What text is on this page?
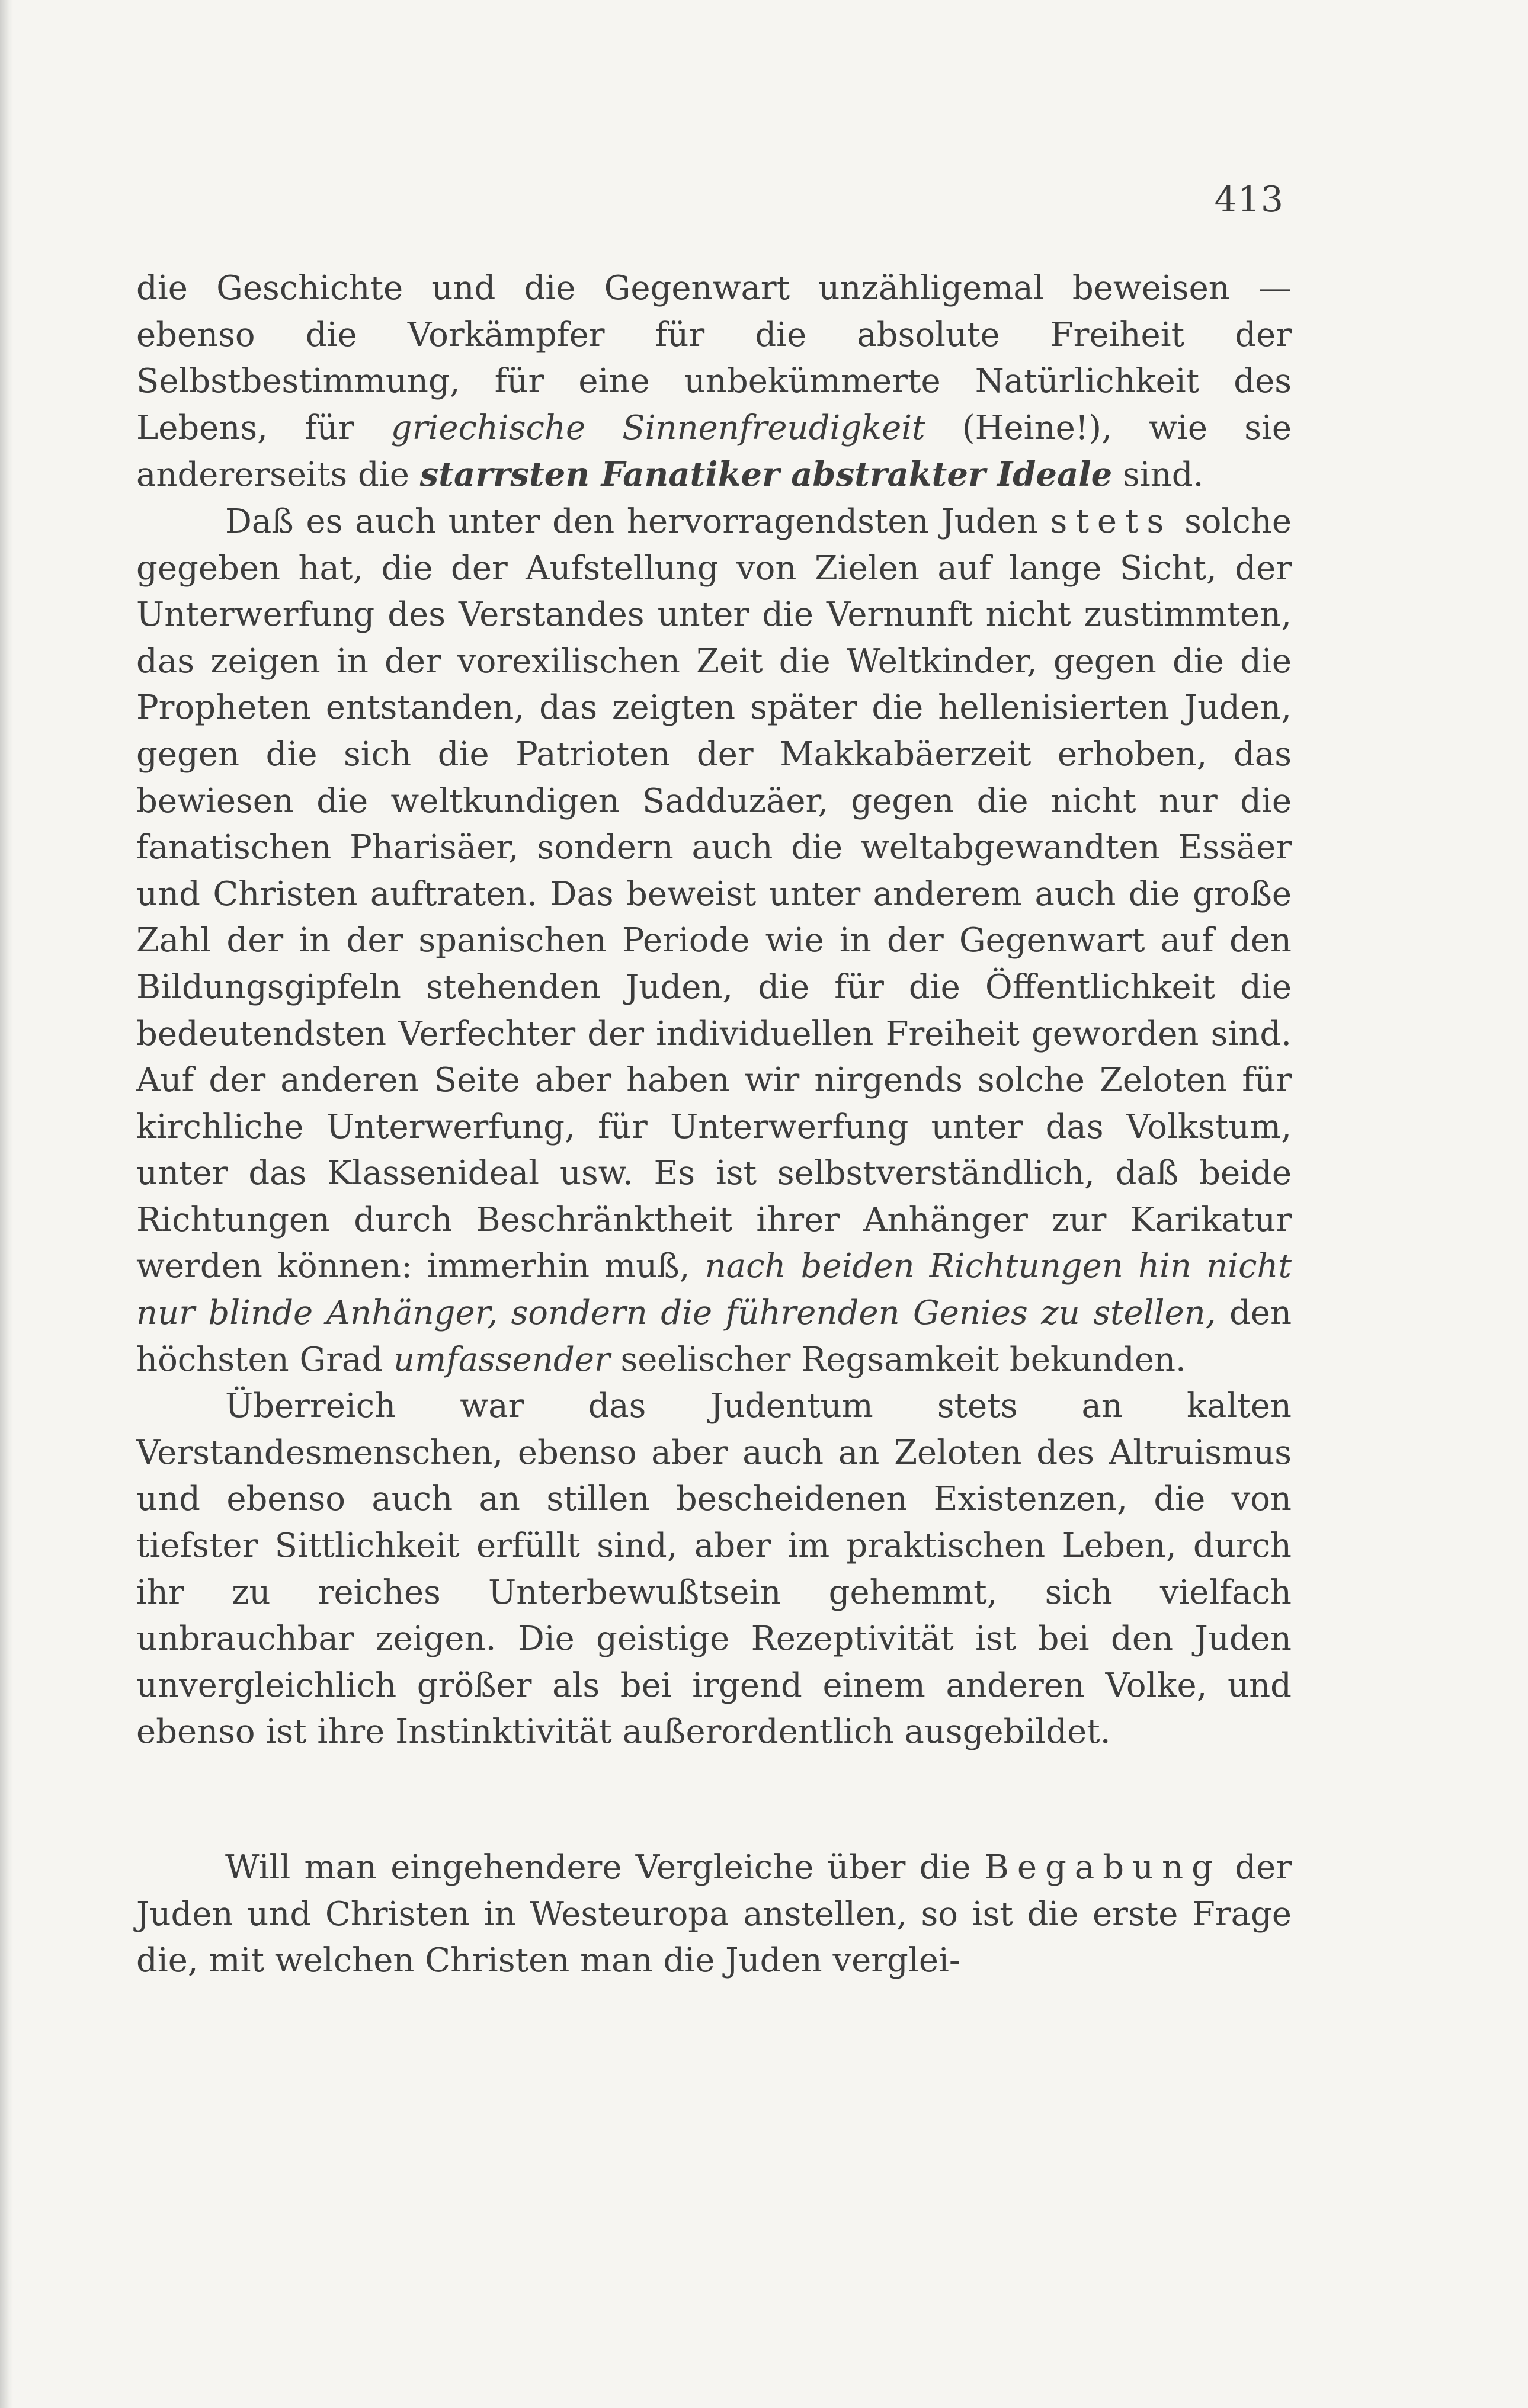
413

die Geschichte und die Gegenwart unzähligemal beweisen — ebenso die Vorkämpfer für die absolute Freiheit der Selbstbestimmung, für eine unbekümmerte Natürlichkeit des Lebens, für griechische Sinnenfreudigkeit (Heine!), wie sie andererseits die starrsten Fanatiker abstrakter Ideale sind.

Daß es auch unter den hervorragendsten Juden stets solche gegeben hat, die der Aufstellung von Zielen auf lange Sicht, der Unterwerfung des Verstandes unter die Vernunft nicht zustimmten, das zeigen in der vorexilischen Zeit die Weltkinder, gegen die die Propheten entstanden, das zeigten später die hellenisierten Juden, gegen die sich die Patrioten der Makkabäerzeit erhoben, das bewiesen die weltkundigen Sadduzäer, gegen die nicht nur die fanatischen Pharisäer, sondern auch die weltabgewandten Essäer und Christen auftraten. Das beweist unter anderem auch die große Zahl der in der spanischen Periode wie in der Gegenwart auf den Bildungsgipfeln stehenden Juden, die für die Öffentlichkeit die bedeutendsten Verfechter der individuellen Freiheit geworden sind. Auf der anderen Seite aber haben wir nirgends solche Zeloten für kirchliche Unterwerfung, für Unterwerfung unter das Volkstum, unter das Klassenideal usw. Es ist selbstverständlich, daß beide Richtungen durch Beschränktheit ihrer Anhänger zur Karikatur werden können: immerhin muß, nach beiden Richtungen hin nicht nur blinde Anhänger, sondern die führenden Genies zu stellen, den höchsten Grad umfassender seelischer Regsamkeit bekunden.

Überreich war das Judentum stets an kalten Verstandesmenschen, ebenso aber auch an Zeloten des Altruismus und ebenso auch an stillen bescheidenen Existenzen, die von tiefster Sittlichkeit erfüllt sind, aber im praktischen Leben, durch ihr zu reiches Unterbewußtsein gehemmt, sich vielfach unbrauchbar zeigen. Die geistige Rezeptivität ist bei den Juden unvergleichlich größer als bei irgend einem anderen Volke, und ebenso ist ihre Instinktivität außerordentlich ausgebildet.

Will man eingehendere Vergleiche über die Begabung der Juden und Christen in Westeuropa anstellen, so ist die erste Frage die, mit welchen Christen man die Juden verglei-
